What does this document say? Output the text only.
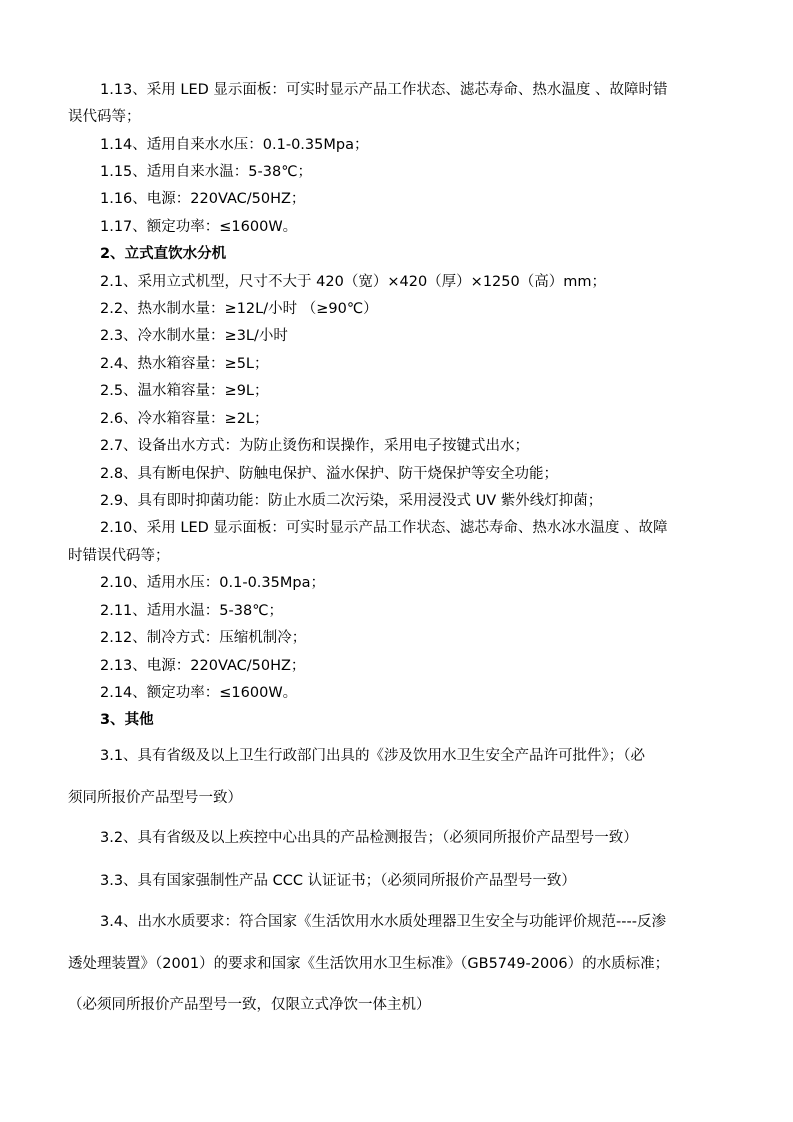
1.13、采用 LED 显示面板：可实时显示产品工作状态、滤芯寿命、热水温度 、故障时错
误代码等；
1.14、适用自来水水压：0.1-0.35Mpa；
1.15、适用自来水温：5-38℃；
1.16、电源：220VAC/50HZ；
1.17、额定功率：≤1600W。
2、立式直饮水分机
2.1、采用立式机型，尺寸不大于 420（宽）×420（厚）×1250（高）mm；
2.2、热水制水量：≥12L/小时 （≥90℃）
2.3、冷水制水量：≥3L/小时
2.4、热水箱容量：≥5L；
2.5、温水箱容量：≥9L；
2.6、冷水箱容量：≥2L；
2.7、设备出水方式：为防止烫伤和误操作，采用电子按键式出水；
2.8、具有断电保护、防触电保护、溢水保护、防干烧保护等安全功能；
2.9、具有即时抑菌功能：防止水质二次污染，采用浸没式 UV 紫外线灯抑菌；
2.10、采用 LED 显示面板：可实时显示产品工作状态、滤芯寿命、热水冰水温度 、故障
时错误代码等；
2.10、适用水压：0.1-0.35Mpa；
2.11、适用水温：5-38℃；
2.12、制冷方式：压缩机制冷；
2.13、电源：220VAC/50HZ；
2.14、额定功率：≤1600W。
3、其他
3.1、具有省级及以上卫生行政部门出具的《涉及饮用水卫生安全产品许可批件》；（必
须同所报价产品型号一致）
3.2、具有省级及以上疾控中心出具的产品检测报告；（必须同所报价产品型号一致）
3.3、具有国家强制性产品 CCC 认证证书；（必须同所报价产品型号一致）
3.4、出水水质要求：符合国家《生活饮用水水质处理器卫生安全与功能评价规范----反渗
透处理装置》（2001）的要求和国家《生活饮用水卫生标准》（GB5749-2006）的水质标准；
（必须同所报价产品型号一致，仅限立式净饮一体主机）
